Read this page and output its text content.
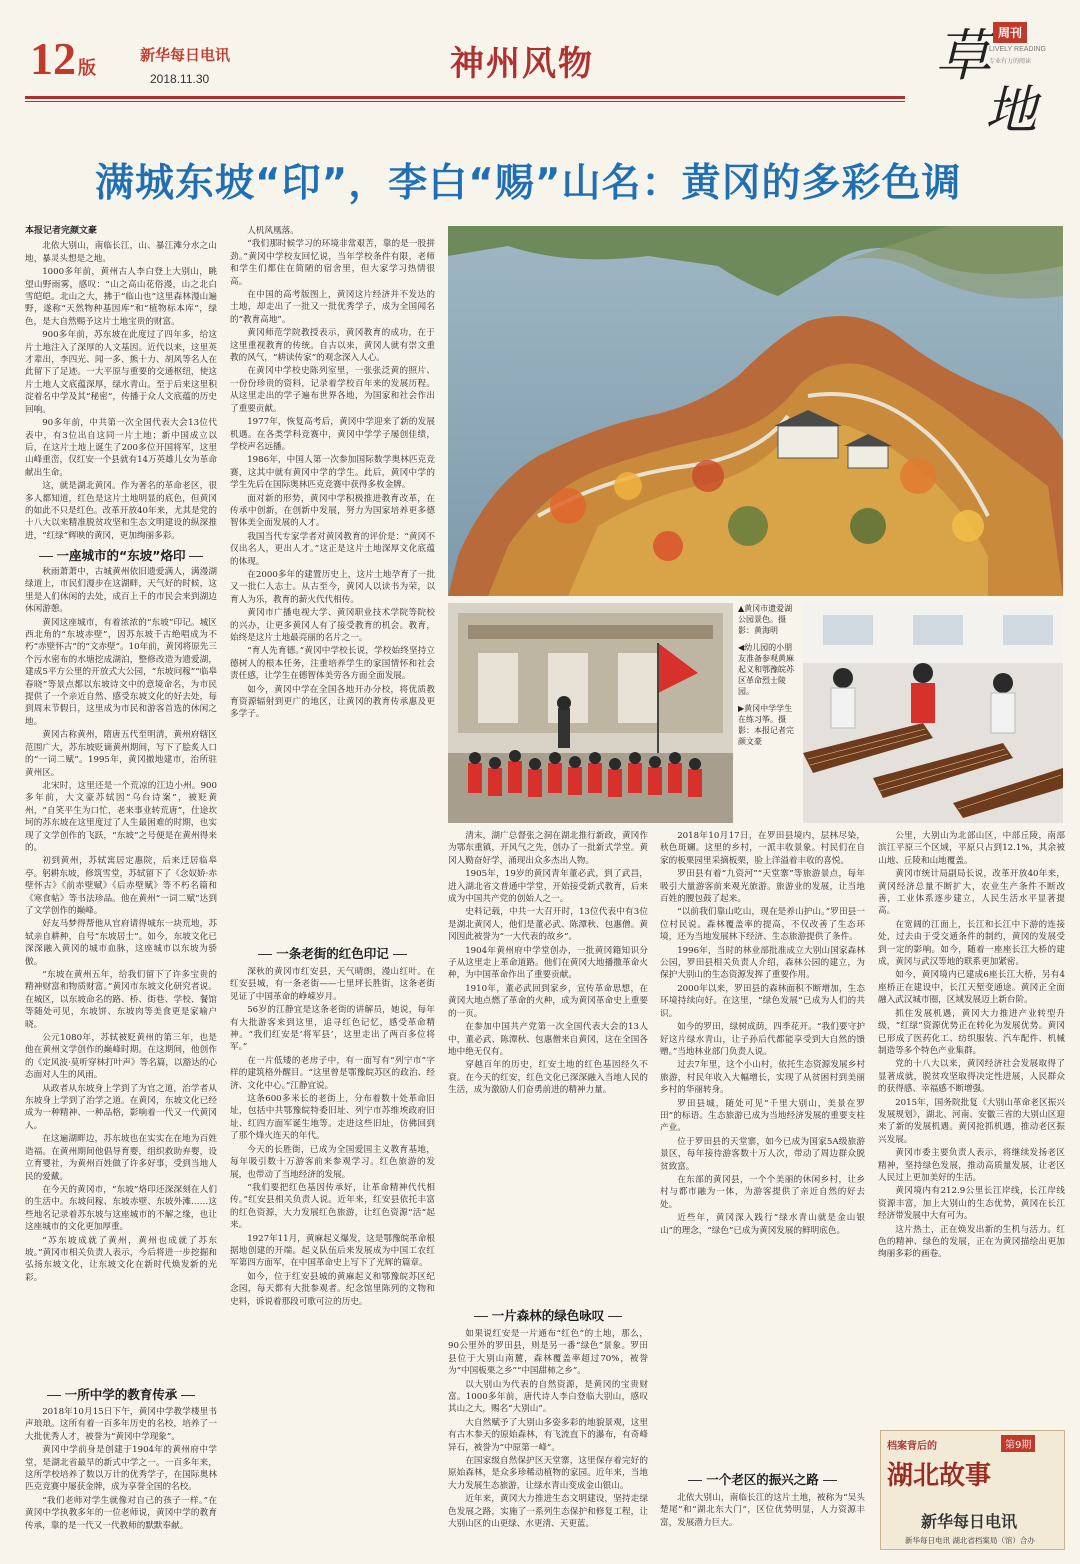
12 版
新华每日电讯
2018.11.30	神州风物	草
地
周刊
LIVELY READING
专业有力的阅读
满城东坡“印”，李白“赐”山名：黄冈的多彩色调
本报记者完颜文豪

北依大别山，南临长江，山、暴江滩分水之山地，暴灵头想是之地。

1000多年前，黄州古人李白登上大别山，眺望山野雨雾，感叹：“山之高山花俗漫，山之北白雪皑皑。北山之大，拂于“临山也”这里森林漫山遍野，遂称“天然物种基因库”和“植物标本库”，绿色，是大自然赐予这片土地宝贵的财富。

900多年前，苏东坡在此度过了四年多，给这片土地注入了深厚的人文基因。近代以来，这里英才辈出，李四光、闻一多、熊十力、胡风等名人在此留下了足迹。一大平原与重要的交通枢纽，使这片土地人文底蕴深厚，绿水青山。至于后来这里积淀着名中学及其“秘密”，传播于众人文底蕴的历史回响。

90多年前，中共第一次全国代表大会13位代表中，有3位出自这同一片土地；新中国成立以后，在这片土地上诞生了200多位开国将军，这里山峰重峦，仅红安一个县就有14万英雄儿女为革命献出生命。

这，就是湖北黄冈。作为著名的革命老区，很多人都知道，红色是这片土地明显的底色，但黄冈的如此不只是红色。改革开放40年来，尤其是党的十八大以来精准脱贫攻坚和生态文明建设的纵深推进，“红绿”辉映的黄冈，更加绚丽多彩。

一座城市的“东坡”烙印

秋雨萧萧中，古城黄州依旧遗爱满人，满漫湖绿道上，市民们漫步在这湖畔，天气好的时候，这里是人们休闲的去处，成百上千的市民会来到湖边休闲游憩。

黄冈这座城市，有着浓浓的“东坡”印记。城区西北角的“东坡赤壁”，因苏东坡千古绝唱成为不朽“赤壁怀古”的“文赤壁”。10年前，黄冈将原先三个污水密布的水塘挖成湖泊，整修改造为遗爱湖，建成5平方公里的开放式大公园，“东坡问稼”“临皋春晓”等景点都以东坡诗文中的意境命名，为市民提供了一个亲近自然、感受东坡文化的好去处，每到周末节假日，这里成为市民和游客首选的休闲之地。

黄冈古称黄州，隋唐五代至明清，黄州府辖区范围广大，苏东坡贬谪黄州期间，写下了脍炙人口的“一词二赋”。1995年，黄冈撤地建市，治所驻黄州区。

北宋时，这里还是一个荒凉的江边小州。900多年前，大文豪苏轼因“乌台诗案”，被贬黄州，“自笑平生为口忙，老来事业转荒唐”，仕途坎坷的苏东坡在这里度过了人生最困难的时期，也实现了文学创作的飞跃，“东坡”之号便是在黄州得来的。

初到黄州，苏轼寓居定惠院，后来迁居临皋亭。躬耕东坡，修筑雪堂，苏轼留下了《念奴娇·赤壁怀古》《前赤壁赋》《后赤壁赋》等不朽名篇和《寒食帖》等书法珍品。他在黄州“一词二赋”达到了文学创作的巅峰。

好友马梦得帮他从官府请得城东一块荒地，苏轼亲自耕种，自号“东坡居士”。如今，东坡文化已深深融入黄冈的城市血脉，这座城市以东坡为骄傲。

“东坡在黄州五年，给我们留下了许多宝贵的精神财富和物质财富。”黄冈市东坡文化研究者说。在城区，以东坡命名的路、桥、街巷、学校、餐馆等随处可见，东坡饼、东坡肉等美食更是家喻户晓。

公元1080年，苏轼被贬黄州的第三年，也是他在黄州文学创作的巅峰时期。在这期间，他创作的《定风波·莫听穿林打叶声》等名篇，以豁达的心态面对人生的风雨。

从政者从东坡身上学到了为官之道，治学者从东坡身上学到了治学之道。在黄冈，东坡文化已经成为一种精神、一种品格，影响着一代又一代黄冈人。

在这遍湖畔边，苏东坡也在实实在在地为百姓造福。在黄州期间他倡导育婴，组织救助弃婴，设立育婴社，为黄州百姓做了许多好事，受到当地人民的爱戴。

在今天的黄冈市，“东坡”烙印还深深刻在人们的生活中。东坡问稼、东坡赤壁、东坡外滩……这些地名记录着苏东坡与这座城市的不解之缘，也让这座城市的文化更加厚重。

“苏东坡成就了黄州，黄州也成就了苏东坡。”黄冈市相关负责人表示，今后将进一步挖掘和弘扬东坡文化，让东坡文化在新时代焕发新的光彩。

一所中学的教育传承

2018年10月15日下午，黄冈中学教学楼里书声琅琅。这所有着一百多年历史的名校，培养了一大批优秀人才，被誉为“黄冈中学现象”。

黄冈中学前身是创建于1904年的黄州府中学堂，是湖北省最早的新式中学之一。一百多年来，这所学校培养了数以万计的优秀学子，在国际奥林匹克竞赛中屡获金牌，成为享誉全国的名校。

“我们老师对学生就像对自己的孩子一样。”在黄冈中学执教多年的一位老师说，黄冈中学的教育传承，靠的是一代又一代教师的默默奉献。

人机风凰落。

“我们那时候学习的环境非常艰苦，靠的是一股拼劲。”黄冈中学校友回忆说，当年学校条件有限，老师和学生们都住在简陋的宿舍里，但大家学习热情很高。

在中国的高考版图上，黄冈这片经济并不发达的土地，却走出了一批又一批优秀学子，成为全国闻名的“教育高地”。

黄冈师范学院教授表示，黄冈教育的成功，在于这里重视教育的传统。自古以来，黄冈人就有崇文重教的风气，“耕读传家”的观念深入人心。

在黄冈中学校史陈列室里，一张张泛黄的照片、一份份珍贵的资料，记录着学校百年来的发展历程。从这里走出的学子遍布世界各地，为国家和社会作出了重要贡献。

1977年，恢复高考后，黄冈中学迎来了新的发展机遇。在各类学科竞赛中，黄冈中学学子屡创佳绩，学校声名远播。

1986年，中国人第一次参加国际数学奥林匹克竞赛，这其中就有黄冈中学的学生。此后，黄冈中学的学生先后在国际奥林匹克竞赛中获得多枚金牌。

面对新的形势，黄冈中学积极推进教育改革，在传承中创新，在创新中发展，努力为国家培养更多德智体美全面发展的人才。

我国当代专家学者对黄冈教育的评价是：“黄冈不仅出名人，更出人才。”这正是这片土地深厚文化底蕴的体现。

在2000多年的建置历史上，这片土地孕育了一批又一批仁人志士。从古至今，黄冈人以读书为荣，以育人为乐，教育的薪火代代相传。

黄冈市广播电视大学、黄冈职业技术学院等院校的兴办，让更多黄冈人有了接受教育的机会。教育，始终是这片土地最亮丽的名片之一。

“育人先育德。”黄冈中学校长说，学校始终坚持立德树人的根本任务，注重培养学生的家国情怀和社会责任感，让学生在德智体美劳各方面全面发展。

如今，黄冈中学在全国各地开办分校，将优质教育资源辐射到更广的地区，让黄冈的教育传承惠及更多学子。

一条老街的红色印记

深秋的黄冈市红安县，天气晴朗，漫山红叶。在红安县城，有一条老街——七里坪长胜街，这条老街见证了中国革命的峥嵘岁月。

56岁的江静宜是这条老街的讲解员，她说，每年有大批游客来到这里，追寻红色记忆，感受革命精神。“我们红安是‘将军县’，这里走出了两百多位将军。”

在一片低矮的老房子中，有一面写有“列宁市”字样的建筑格外醒目。“这里曾是鄂豫皖苏区的政治、经济、文化中心。”江静宜说。

这条600多米长的老街上，分布着数十处革命旧址，包括中共鄂豫皖特委旧址、列宁市苏维埃政府旧址、红四方面军诞生地等。走进这些旧址，仿佛回到了那个烽火连天的年代。

今天的长胜街，已成为全国爱国主义教育基地，每年吸引数十万游客前来参观学习。红色旅游的发展，也带动了当地经济的发展。

“我们要把红色基因传承好，让革命精神代代相传。”红安县相关负责人说。近年来，红安县依托丰富的红色资源，大力发展红色旅游，让红色资源“活”起来。

1927年11月，黄麻起义爆发，这是鄂豫皖革命根据地创建的开端。起义队伍后来发展成为中国工农红军第四方面军，在中国革命史上写下了光辉的篇章。

如今，位于红安县城的黄麻起义和鄂豫皖苏区纪念园，每天都有大批参观者。纪念馆里陈列的文物和史料，诉说着那段可歌可泣的历史。

▲黄冈市遗爱湖公园景色。摄影：黄海明
◀幼儿园的小朋友准备参观黄麻起义和鄂豫皖苏区革命烈士陵园。
▶黄冈中学学生在练习筝。摄影：本报记者完颜文豪

清末，湖广总督张之洞在湖北推行新政，黄冈作为鄂东重镇，开风气之先，创办了一批新式学堂。黄冈人勤奋好学，涌现出众多杰出人物。

1905年，19岁的黄冈青年董必武，到了武昌，进入湖北省文普通中学堂，开始接受新式教育，后来成为中国共产党的创始人之一。

史料记载，中共一大召开时，13位代表中有3位是湖北黄冈人，他们是董必武、陈潭秋、包惠僧。黄冈因此被誉为“一大代表的故乡”。

1904年黄州府中学堂创办，一批黄冈籍知识分子从这里走上革命道路。他们在黄冈大地播撒革命火种，为中国革命作出了重要贡献。

1910年，董必武回到家乡，宣传革命思想，在黄冈大地点燃了革命的火种，成为黄冈革命史上重要的一页。

在参加中国共产党第一次全国代表大会的13人中，董必武、陈潭秋、包惠僧来自黄冈，这在全国各地中绝无仅有。

穿越百年的历史，红安土地的红色基因经久不衰。在今天的红安，红色文化已深深融入当地人民的生活，成为激励人们奋勇前进的精神力量。

一片森林的绿色咏叹

如果说红安是一片通布“红色”的土地，那么，90公里外的罗田县，则是另一番“绿色”景象。罗田县位于大别山南麓，森林覆盖率超过70%，被誉为“中国板栗之乡”“中国甜柿之乡”。

以大别山为代表的自然资源，是黄冈的宝贵财富。1000多年前，唐代诗人李白登临大别山，感叹其山之大，赐名“大别山”。

大自然赋予了大别山多姿多彩的地貌景观，这里有古木参天的原始森林，有飞流直下的瀑布，有奇峰异石，被誉为“中原第一峰”。

在国家级自然保护区天堂寨，这里保存着完好的原始森林，是众多珍稀动植物的家园。近年来，当地大力发展生态旅游，让绿水青山变成金山银山。

近年来，黄冈大力推进生态文明建设，坚持走绿色发展之路，实施了一系列生态保护和修复工程，让大别山区的山更绿、水更清、天更蓝。

2018年10月17日，在罗田县境内，层林尽染，秋色斑斓。这里的乡村，一派丰收景象。村民们在自家的板栗园里采摘板栗，脸上洋溢着丰收的喜悦。

罗田县有着“九资河”“天堂寨”等旅游景点，每年吸引大量游客前来观光旅游。旅游业的发展，让当地百姓的腰包鼓了起来。

“以前我们靠山吃山，现在是养山护山。”罗田县一位村民说。森林覆盖率的提高，不仅改善了生态环境，还为当地发展林下经济、生态旅游提供了条件。

1996年，当时的林业部批准成立大别山国家森林公园，罗田县相关负责人介绍，森林公园的建立，为保护大别山的生态资源发挥了重要作用。

2000年以来，罗田县的森林面积不断增加，生态环境持续向好。在这里，“绿色发展”已成为人们的共识。

如今的罗田，绿树成荫，四季花开。“我们要守护好这片绿水青山，让子孙后代都能享受到大自然的馈赠。”当地林业部门负责人说。

过去7年里，这个小山村，依托生态资源发展乡村旅游，村民年收入大幅增长，实现了从贫困村到美丽乡村的华丽转身。

罗田县城，随处可见“千里大别山，美景在罗田”的标语。生态旅游已成为当地经济发展的重要支柱产业。

位于罗田县的天堂寨，如今已成为国家5A级旅游景区，每年接待游客数十万人次，带动了周边群众脱贫致富。

在东部的黄冈县，一个个美丽的休闲乡村，让乡村与都市融为一体，为游客提供了亲近自然的好去处。

近些年，黄冈深入践行“绿水青山就是金山银山”的理念，“绿色”已成为黄冈发展的鲜明底色。

一个老区的振兴之路

北依大别山，南临长江的这片土地，被称为“吴头楚尾”和“湖北东大门”，区位优势明显，人力资源丰富，发展潜力巨大。

公里，大别山为北部山区，中部丘陵，南部滨江平原三个区域，平原只占到12.1%，其余被山地、丘陵和山地覆盖。

黄冈市统计局副局长说，改革开放40年来，黄冈经济总量不断扩大，农业生产条件不断改善，工业体系逐步建立，人民生活水平显著提高。

在宽阔的江面上，长江和长江中下游的连接处，过去由于受交通条件的制约，黄冈的发展受到一定的影响。如今，随着一座座长江大桥的建成，黄冈与武汉等地的联系更加紧密。

如今，黄冈境内已建成6座长江大桥，另有4座桥正在建设中，长江天堑变通途。黄冈正全面融入武汉城市圈，区域发展迈上新台阶。

抓住发展机遇，黄冈大力推进产业转型升级，“红绿”资源优势正在转化为发展优势。黄冈已形成了医药化工、纺织服装、汽车配件、机械制造等多个特色产业集群。

党的十八大以来，黄冈经济社会发展取得了显著成就，脱贫攻坚取得决定性进展，人民群众的获得感、幸福感不断增强。

2015年，国务院批复《大别山革命老区振兴发展规划》，湖北、河南、安徽三省的大别山区迎来了新的发展机遇。黄冈抢抓机遇，推动老区振兴发展。

黄冈市委主要负责人表示，将继续发扬老区精神，坚持绿色发展，推动高质量发展，让老区人民过上更加美好的生活。

黄冈境内有212.9公里长江岸线，长江岸线资源丰富，加上大别山的生态优势，黄冈在长江经济带发展中大有可为。

这片热土，正在焕发出新的生机与活力。红色的精神、绿色的发展，正在为黄冈描绘出更加绚丽多彩的画卷。

档案背后的	第9期
湖北故事
新华每日电讯
新华每日电讯 湖北省档案局（馆）合办
